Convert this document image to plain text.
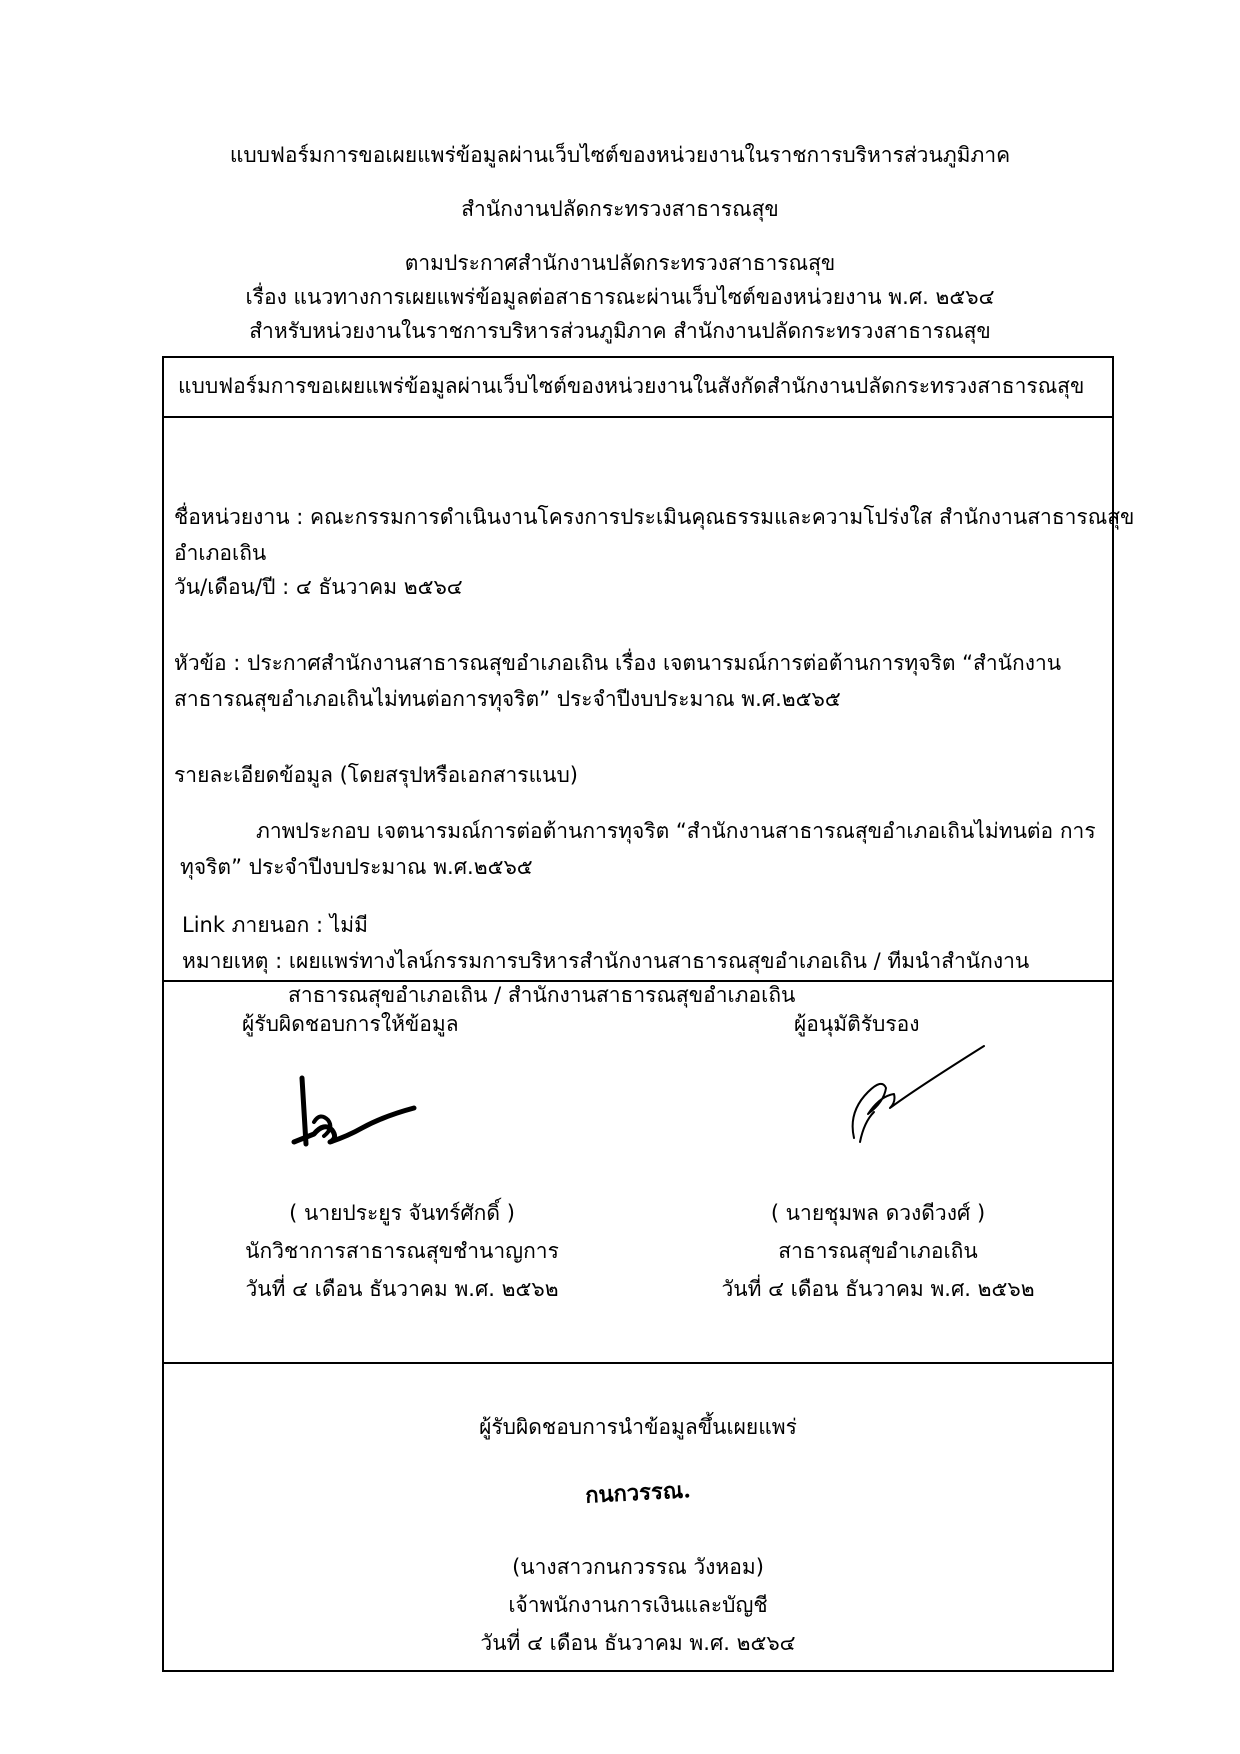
แบบฟอร์มการขอเผยแพร่ข้อมูลผ่านเว็บไซต์ของหน่วยงานในราชการบริหารส่วนภูมิภาค

สำนักงานปลัดกระทรวงสาธารณสุข

ตามประกาศสำนักงานปลัดกระทรวงสาธารณสุข

เรื่อง แนวทางการเผยแพร่ข้อมูลต่อสาธารณะผ่านเว็บไซต์ของหน่วยงาน พ.ศ. ๒๕๖๔

สำหรับหน่วยงานในราชการบริหารส่วนภูมิภาค สำนักงานปลัดกระทรวงสาธารณสุข

แบบฟอร์มการขอเผยแพร่ข้อมูลผ่านเว็บไซต์ของหน่วยงานในสังกัดสำนักงานปลัดกระทรวงสาธารณสุข
ชื่อหน่วยงาน : คณะกรรมการดำเนินงานโครงการประเมินคุณธรรมและความโปร่งใส สำนักงานสาธารณสุข
อำเภอเถิน
วัน/เดือน/ปี : ๔ ธันวาคม ๒๕๖๔
หัวข้อ : ประกาศสำนักงานสาธารณสุขอำเภอเถิน เรื่อง เจตนารมณ์การต่อต้านการทุจริต “สำนักงาน
สาธารณสุขอำเภอเถินไม่ทนต่อการทุจริต” ประจำปีงบประมาณ พ.ศ.๒๕๖๕
รายละเอียดข้อมูล (โดยสรุปหรือเอกสารแนบ)
ภาพประกอบ เจตนารมณ์การต่อต้านการทุจริต “สำนักงานสาธารณสุขอำเภอเถินไม่ทนต่อ การ
ทุจริต” ประจำปีงบประมาณ พ.ศ.๒๕๖๕
Link ภายนอก : ไม่มี
หมายเหตุ : เผยแพร่ทางไลน์กรรมการบริหารสำนักงานสาธารณสุขอำเภอเถิน / ทีมนำสำนักงาน
สาธารณสุขอำเภอเถิน / สำนักงานสาธารณสุขอำเภอเถิน
ผู้รับผิดชอบการให้ข้อมูล	ผู้อนุมัติรับรอง
( นายประยูร จันทร์ศักดิ์ )
นักวิชาการสาธารณสุขชำนาญการ
วันที่ ๔ เดือน ธันวาคม พ.ศ. ๒๕๖๒
( นายชุมพล ดวงดีวงศ์ )
สาธารณสุขอำเภอเถิน
วันที่ ๔ เดือน ธันวาคม พ.ศ. ๒๕๖๒
ผู้รับผิดชอบการนำข้อมูลขึ้นเผยแพร่
กนกวรรณ.
(นางสาวกนกวรรณ วังหอม)
เจ้าพนักงานการเงินและบัญชี
วันที่ ๔ เดือน ธันวาคม พ.ศ. ๒๕๖๔
